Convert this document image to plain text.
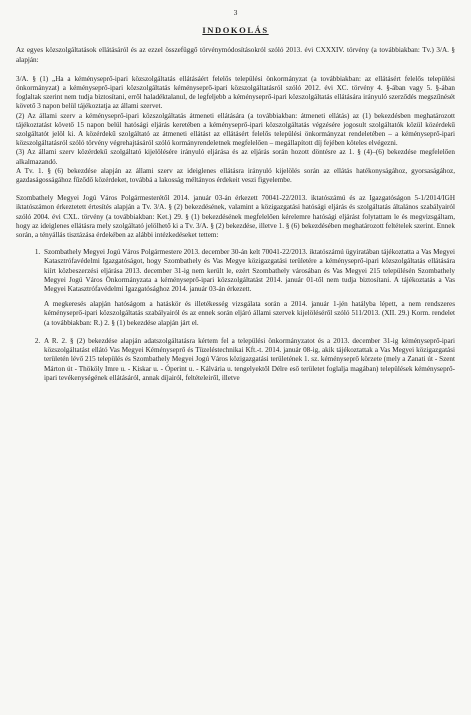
3
INDOKOLÁS

Az egyes közszolgáltatások ellátásáról és az ezzel összefüggő törvénymódosításokról szóló 2013. évi CXXXIV. törvény (a továbbiakban: Tv.) 3/A. § alapján:

3/A. § (1) „Ha a kéményseprő-ipari közszolgáltatás ellátásáért felelős települési önkormányzat (a továbbiakban: az ellátásért felelős települési önkormányzat) a kéményseprő-ipari közszolgáltatás kéményseprő-ipari közszolgáltatásról szóló 2012. évi XC. törvény 4. §-ában vagy 5. §-ában foglaltak szerint nem tudja biztosítani, erről haladéktalanul, de legfeljebb a kéményseprő-ipari közszolgáltatás ellátására irányuló szerződés megszűnését követő 3 napon belül tájékoztatja az állami szervet.

(2) Az állami szerv a kéményseprő-ipari közszolgáltatás átmeneti ellátására (a továbbiakban: átmeneti ellátás) az (1) bekezdésben meghatározott tájékoztatást követő 15 napon belül hatósági eljárás keretében a kéményseprő-ipari közszolgáltatás végzésére jogosult szolgáltatók közül közérdekű szolgáltatót jelöl ki. A közérdekű szolgáltató az átmeneti ellátást az ellátásért felelős települési önkormányzat rendeletében – a kéményseprő-ipari közszolgáltatásról szóló törvény végrehajtásáról szóló kormányrendeletnek megfelelően – megállapított díj fejében köteles elvégezni.

(3) Az állami szerv közérdekű szolgáltató kijelölésére irányuló eljárása és az eljárás során hozott döntésre az 1. § (4)–(6) bekezdése megfelelően alkalmazandó.

A Tv. 1. § (6) bekezdése alapján az állami szerv az ideiglenes ellátásra irányuló kijelölés során az ellátás hatékonyságához, gyorsaságához, gazdaságosságához fűződő közérdeket, továbbá a lakosság méltányos érdekeit veszi figyelembe.

Szombathely Megyei Jogú Város Polgármesterétől 2014. január 03-án érkezett 70041-22/2013. iktatószámú és az Igazgatóságon 5-1/2014/IGH iktatószámon érkeztetett értesítés alapján a Tv. 3/A. § (2) bekezdésének, valamint a közigazgatási hatósági eljárás és szolgáltatás általános szabályairól szóló 2004. évi CXL. törvény (a továbbiakban: Ket.) 29. § (1) bekezdésének megfelelően kérelemre hatósági eljárást folytattam le és megvizsgáltam, hogy az ideiglenes ellátásra mely szolgáltató jelölhető ki a Tv. 3/A. § (2) bekezdése, illetve 1. § (6) bekezdésében meghatározott feltételek szerint. Ennek során, a tényállás tisztázása érdekében az alábbi intézkedéseket tettem:

1. Szombathely Megyei Jogú Város Polgármestere 2013. december 30-án kelt 70041-22/2013. iktatószámú ügyiratában tájékoztatta a Vas Megyei Katasztrófavédelmi Igazgatóságot, hogy Szombathely és Vas Megye közigazgatási területére a kéményseprő-ipari közszolgáltatás ellátására kiírt közbeszerzési eljárása 2013. december 31-ig nem került le, ezért Szombathely városában és Vas Megyei 215 településén Szombathely Megyei Jogú Város Önkormányzata a kéményseprő-ipari közszolgáltatást 2014. január 01-től nem tudja biztosítani. A tájékoztatás a Vas Megyei Katasztrófavédelmi Igazgatósághoz 2014. január 03-án érkezett.

A megkeresés alapján hatóságom a hatáskör és illetékesség vizsgálata során a 2014. január 1-jén hatályba lépett, a nem rendszeres kéményseprő-ipari közszolgáltatás szabályairól és az ennek során eljáró állami szervek kijelöléséről szóló 511/2013. (XII. 29.) Korm. rendelet (a továbbiakban: R.) 2. § (1) bekezdése alapján járt el.

2. A R. 2. § (2) bekezdése alapján adatszolgáltatásra kértem fel a települési önkormányzatot és a 2013. december 31-ig kéményseprő-ipari közszolgáltatást ellátó Vas Megyei Kéményseprő és Tüzeléstechnikai Kft.-t. 2014. január 08-ig, akik tájékoztattak a Vas Megyei közigazgatási területén lévő 215 település és Szombathely Megyei Jogú Város közigazgatási területének 1. sz. kéményseprő körzete (mely a Zanati út - Szent Márton út - Thököly Imre u. - Kiskar u. - Óperint u. - Kálvária u. tengelyektől Délre eső területet foglalja magában) települések kéményseprő-ipari tevékenységének ellátásáról, annak díjairól, feltételeiről, illetve
